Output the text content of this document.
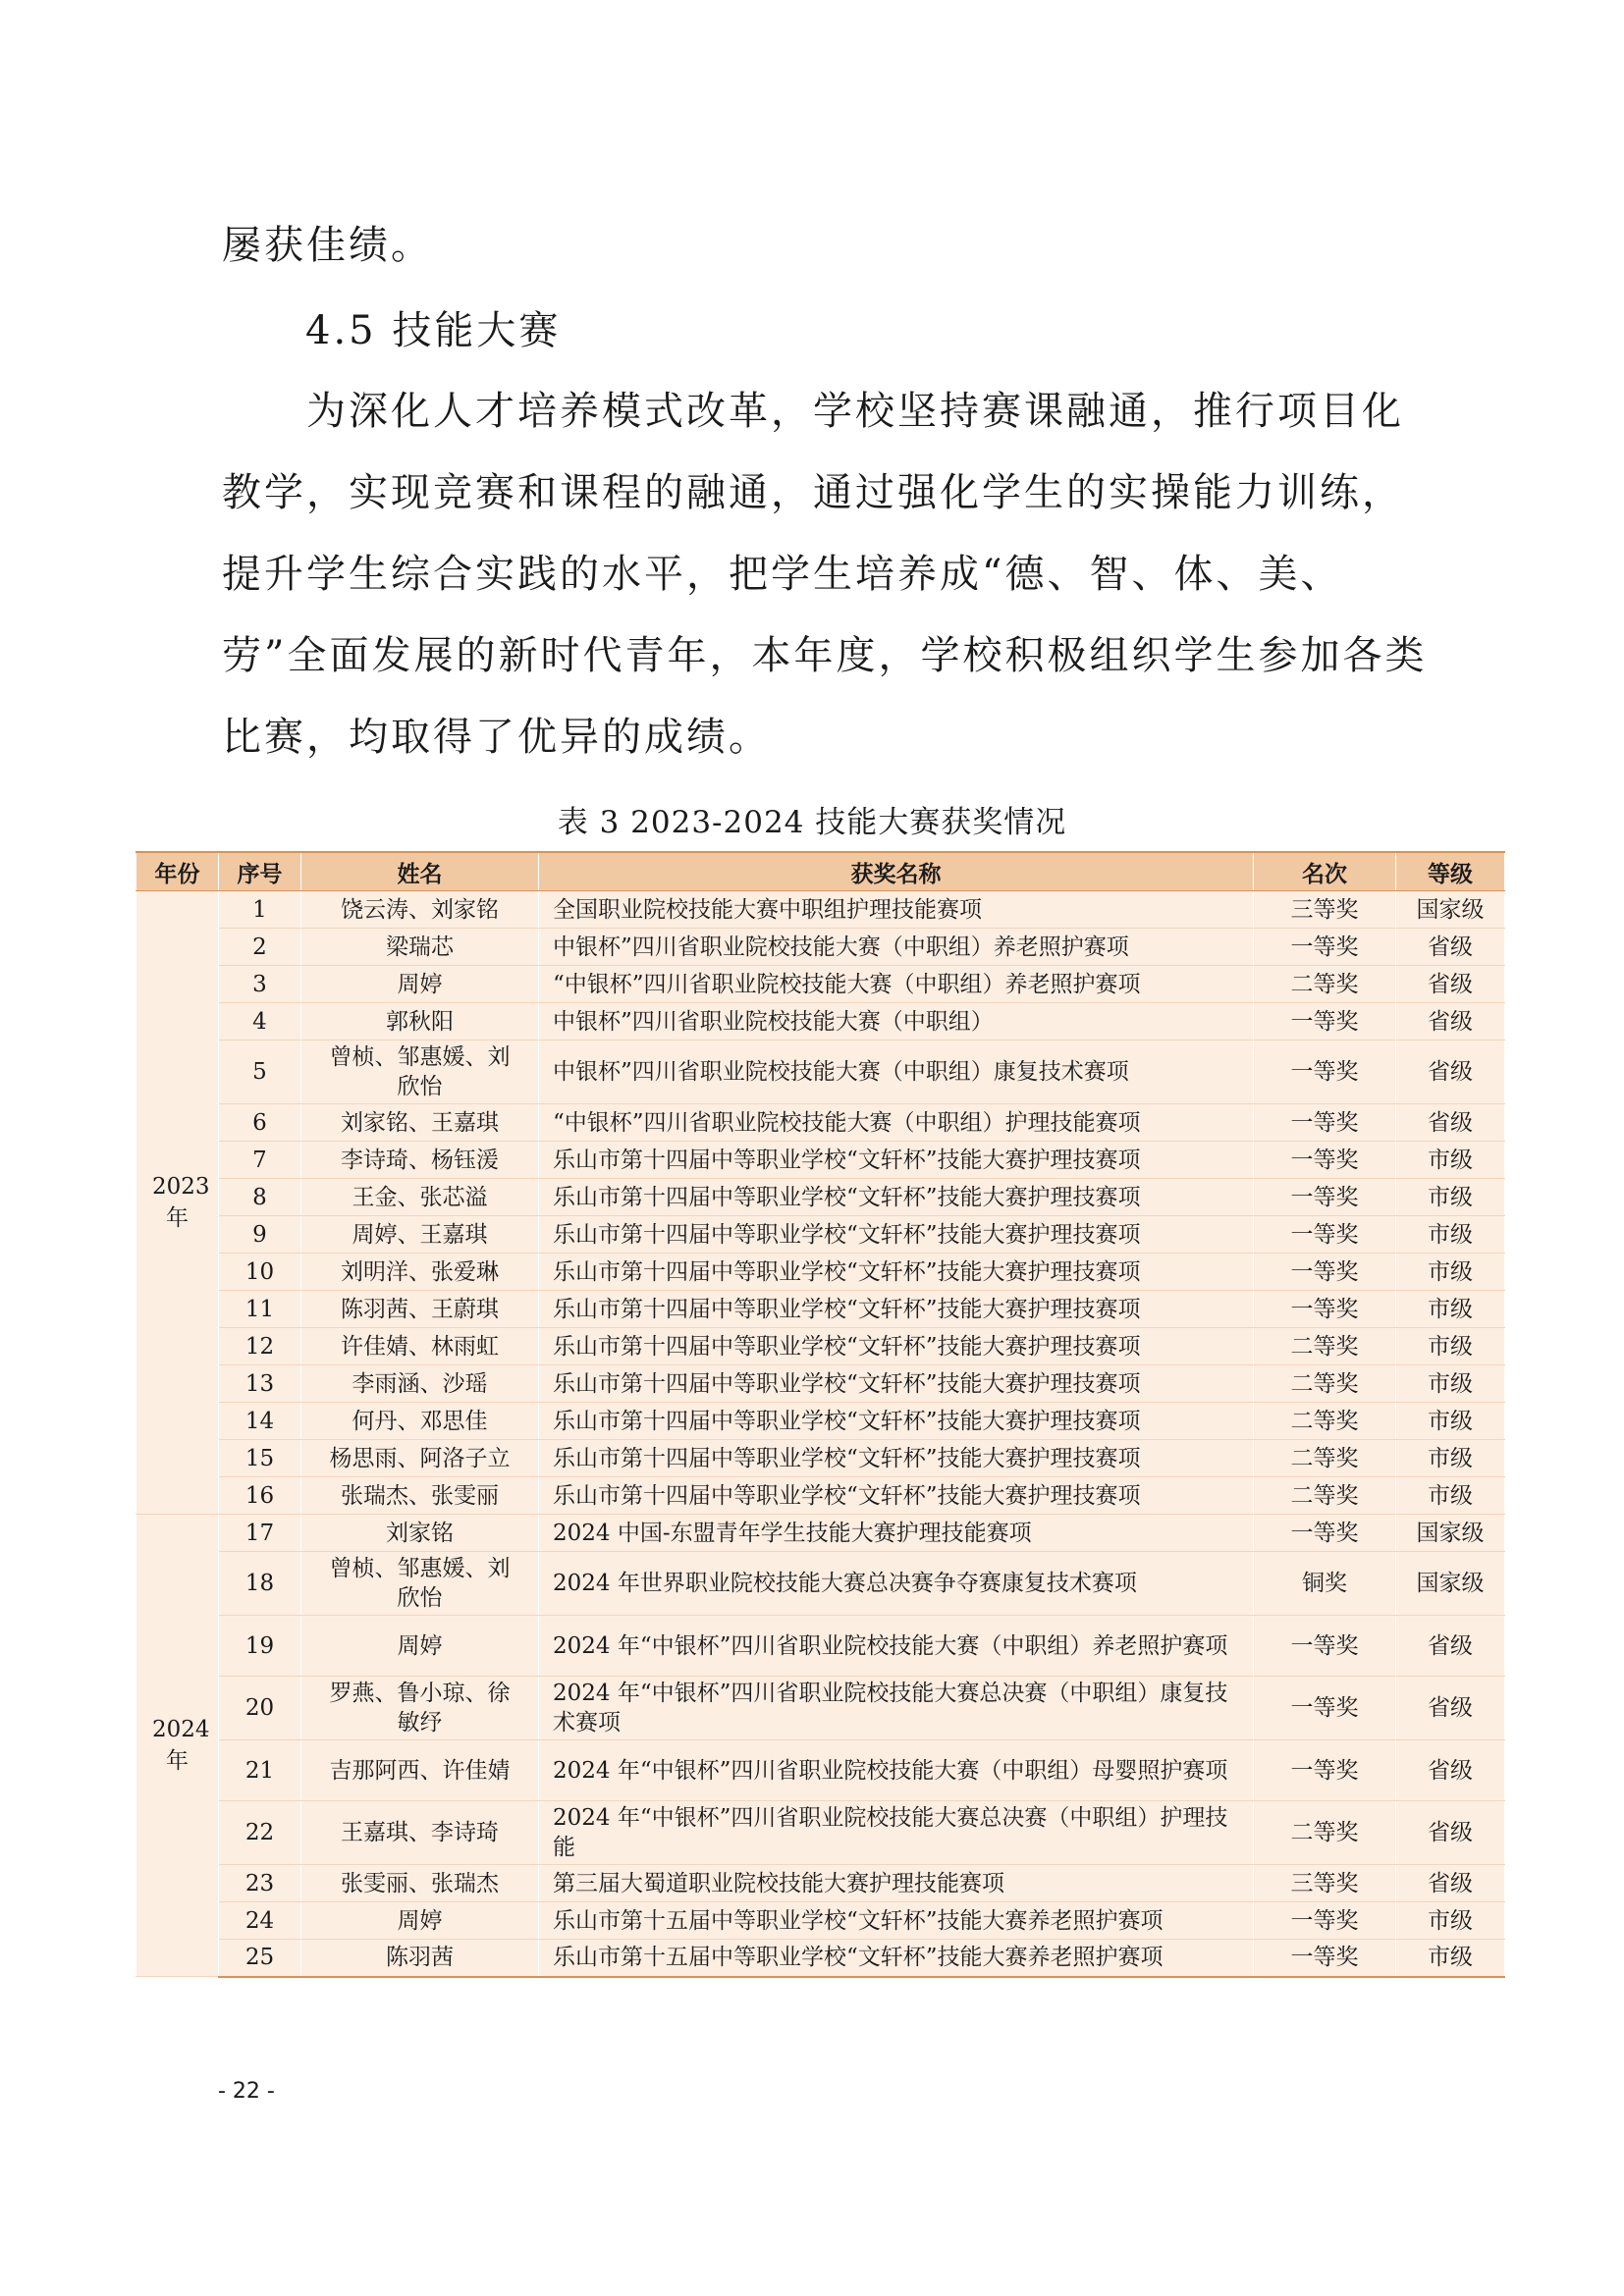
屡获佳绩。

4.5 技能大赛

为深化人才培养模式改革，学校坚持赛课融通，推行项目化教学，实现竞赛和课程的融通，通过强化学生的实操能力训练，提升学生综合实践的水平，把学生培养成“德、智、体、美、劳”全面发展的新时代青年，本年度，学校积极组织学生参加各类比赛，均取得了优异的成绩。

表 3 2023-2024 技能大赛获奖情况
年份	序号	姓名	获奖名称	名次	等级
2023 年	1	饶云涛、刘家铭	全国职业院校技能大赛中职组护理技能赛项	三等奖	国家级
	2	梁瑞芯	中银杯”四川省职业院校技能大赛（中职组）养老照护赛项	一等奖	省级
	3	周婷	“中银杯”四川省职业院校技能大赛（中职组）养老照护赛项	二等奖	省级
	4	郭秋阳	中银杯”四川省职业院校技能大赛（中职组）	一等奖	省级
	5	曾桢、邹惠媛、刘欣怡	中银杯”四川省职业院校技能大赛（中职组）康复技术赛项	一等奖	省级
	6	刘家铭、王嘉琪	“中银杯”四川省职业院校技能大赛（中职组）护理技能赛项	一等奖	省级
	7	李诗琦、杨钰湲	乐山市第十四届中等职业学校“文轩杯”技能大赛护理技赛项	一等奖	市级
	8	王金、张芯溢	乐山市第十四届中等职业学校“文轩杯”技能大赛护理技赛项	一等奖	市级
	9	周婷、王嘉琪	乐山市第十四届中等职业学校“文轩杯”技能大赛护理技赛项	一等奖	市级
	10	刘明洋、张爱琳	乐山市第十四届中等职业学校“文轩杯”技能大赛护理技赛项	一等奖	市级
	11	陈羽茜、王蔚琪	乐山市第十四届中等职业学校“文轩杯”技能大赛护理技赛项	一等奖	市级
	12	许佳婧、林雨虹	乐山市第十四届中等职业学校“文轩杯”技能大赛护理技赛项	二等奖	市级
	13	李雨涵、沙瑶	乐山市第十四届中等职业学校“文轩杯”技能大赛护理技赛项	二等奖	市级
	14	何丹、邓思佳	乐山市第十四届中等职业学校“文轩杯”技能大赛护理技赛项	二等奖	市级
	15	杨思雨、阿洛子立	乐山市第十四届中等职业学校“文轩杯”技能大赛护理技赛项	二等奖	市级
	16	张瑞杰、张雯丽	乐山市第十四届中等职业学校“文轩杯”技能大赛护理技赛项	二等奖	市级
2024 年	17	刘家铭	2024 中国-东盟青年学生技能大赛护理技能赛项	一等奖	国家级
	18	曾桢、邹惠媛、刘欣怡	2024 年世界职业院校技能大赛总决赛争夺赛康复技术赛项	铜奖	国家级
	19	周婷	2024 年“中银杯”四川省职业院校技能大赛（中职组）养老照护赛项	一等奖	省级
	20	罗燕、鲁小琼、徐敏纾	2024 年“中银杯”四川省职业院校技能大赛总决赛（中职组）康复技术赛项	一等奖	省级
	21	吉那阿西、许佳婧	2024 年“中银杯”四川省职业院校技能大赛（中职组）母婴照护赛项	一等奖	省级
	22	王嘉琪、李诗琦	2024 年“中银杯”四川省职业院校技能大赛总决赛（中职组）护理技能	二等奖	省级
	23	张雯丽、张瑞杰	第三届大蜀道职业院校技能大赛护理技能赛项	三等奖	省级
	24	周婷	乐山市第十五届中等职业学校“文轩杯”技能大赛养老照护赛项	一等奖	市级
	25	陈羽茜	乐山市第十五届中等职业学校“文轩杯”技能大赛养老照护赛项	一等奖	市级
- 22 -
